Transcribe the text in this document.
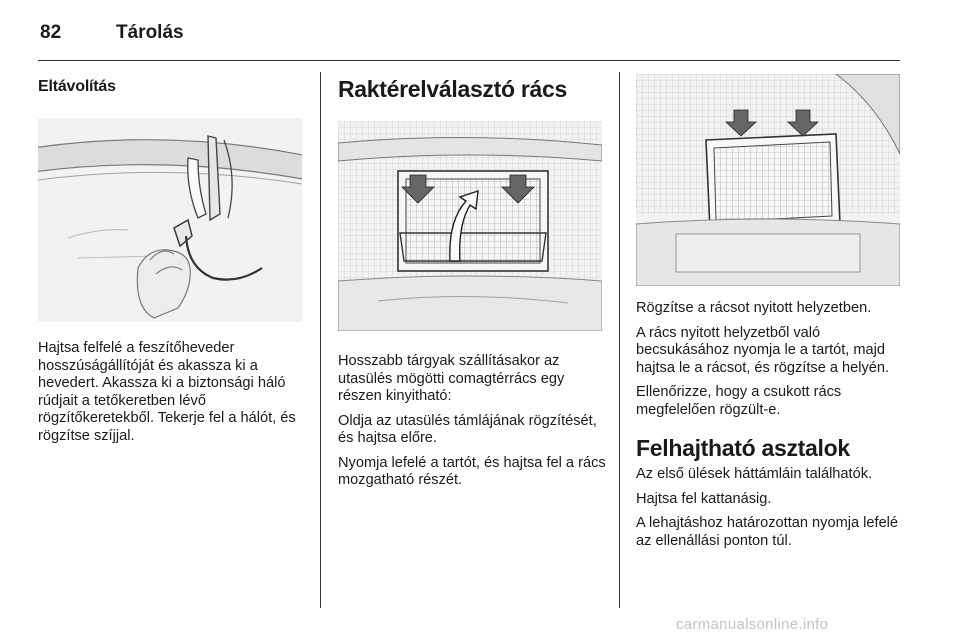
82	Tárolás
Eltávolítás

Hajtsa felfelé a feszítőheveder hosszúságállítóját és akassza ki a hevedert. Akassza ki a biztonsági háló rúdjait a tetőkeretben lévő rögzítőkeretekből. Tekerje fel a hálót, és rögzítse szíjjal.

Raktérelválasztó rács

Hosszabb tárgyak szállításakor az utasülés mögötti comagtérrács egy részen kinyitható:

Oldja az utasülés támlájának rögzítését, és hajtsa előre.

Nyomja lefelé a tartót, és hajtsa fel a rács mozgatható részét.

Rögzítse a rácsot nyitott helyzetben.

A rács nyitott helyzetből való becsukásához nyomja le a tartót, majd hajtsa le a rácsot, és rögzítse a helyén.

Ellenőrizze, hogy a csukott rács megfelelően rögzült-e.

Felhajtható asztalok

Az első ülések háttámláin találhatók.

Hajtsa fel kattanásig.

A lehajtáshoz határozottan nyomja lefelé az ellenállási ponton túl.

carmanualsonline.info
